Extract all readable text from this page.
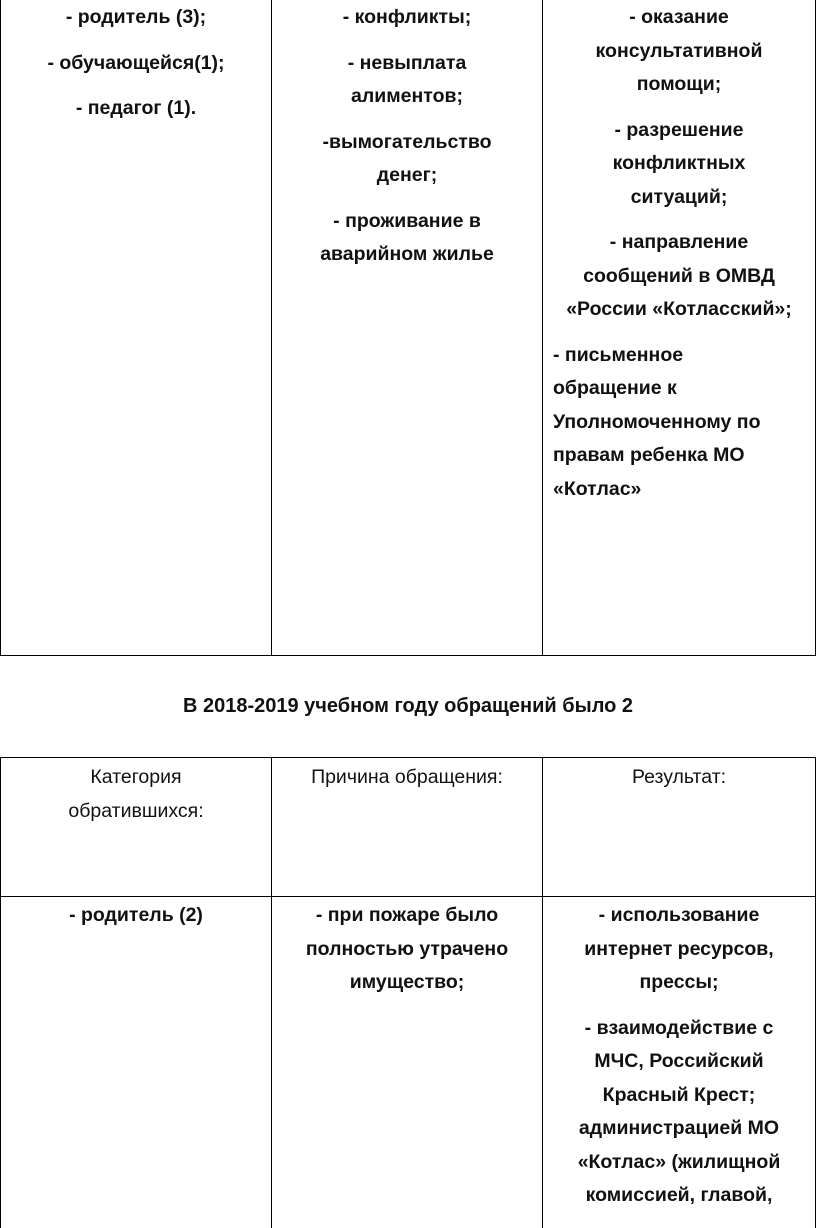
- родитель (3);

- обучающейся(1);

- педагог (1).

- конфликты;

- невыплата алиментов;

-вымогательство денег;

- проживание в аварийном жилье

- оказание консультативной помощи;

- разрешение конфликтных ситуаций;

- направление сообщений в ОМВД «России «Котласский»;

- письменное обращение к Уполномоченному по правам ребенка МО «Котлас»

В 2018-2019 учебном году обращений было 2

Категория обратившихся:

Причина обращения:	Результат:

- родитель (2)	- при пожаре было полностью утрачено имущество;

- использование интернет ресурсов, прессы;

- взаимодействие с МЧС, Российский Красный Крест; администрацией МО «Котлас» (жилищной комиссией, главой,
